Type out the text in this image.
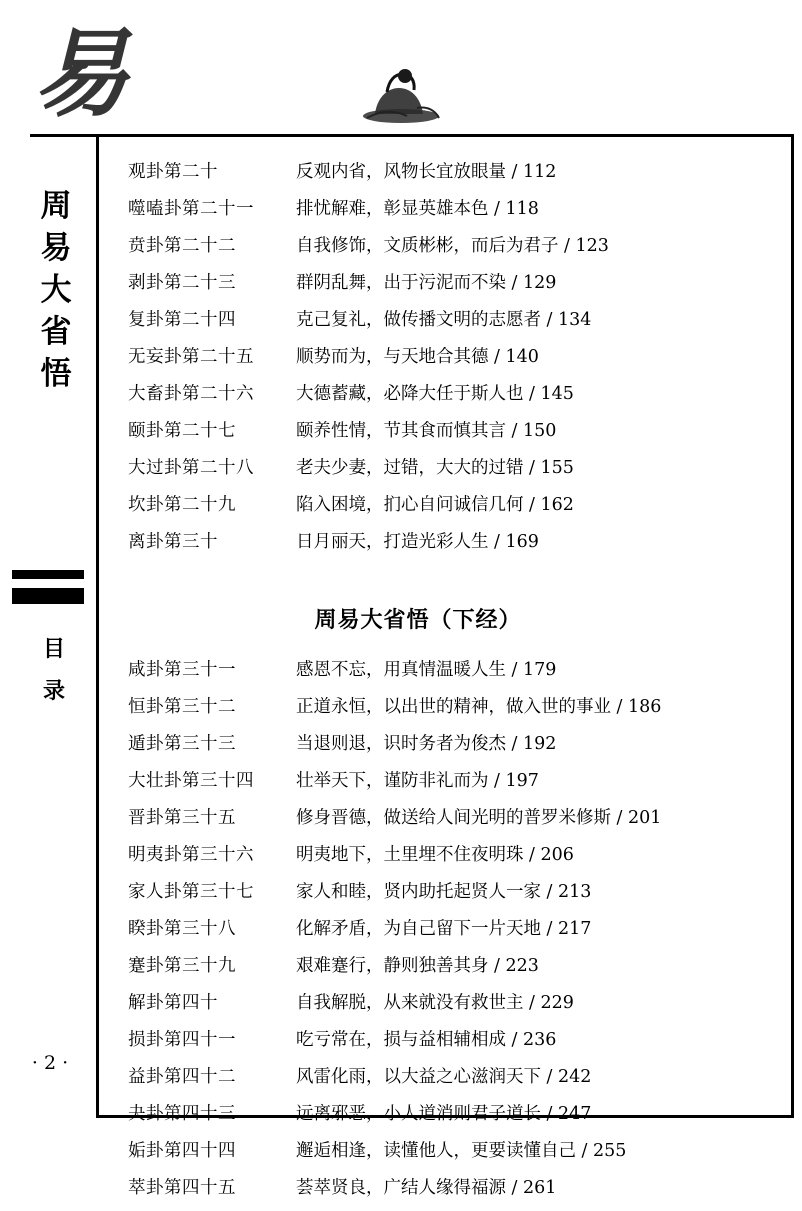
易
周
易
大
省
悟
目
录
· 2 ·
观卦第二十	反观内省，风物长宜放眼量 / 112
噬嗑卦第二十一	排忧解难，彰显英雄本色 / 118
贲卦第二十二	自我修饰，文质彬彬，而后为君子 / 123
剥卦第二十三	群阴乱舞，出于污泥而不染 / 129
复卦第二十四	克己复礼，做传播文明的志愿者 / 134
无妄卦第二十五	顺势而为，与天地合其德 / 140
大畜卦第二十六	大德蓄藏，必降大任于斯人也 / 145
颐卦第二十七	颐养性情，节其食而慎其言 / 150
大过卦第二十八	老夫少妻，过错，大大的过错 / 155
坎卦第二十九	陷入困境，扪心自问诚信几何 / 162
离卦第三十	日月丽天，打造光彩人生 / 169
周易大省悟（下经）
咸卦第三十一	感恩不忘，用真情温暖人生 / 179
恒卦第三十二	正道永恒，以出世的精神，做入世的事业 / 186
遁卦第三十三	当退则退，识时务者为俊杰 / 192
大壮卦第三十四	壮举天下，谨防非礼而为 / 197
晋卦第三十五	修身晋德，做送给人间光明的普罗米修斯 / 201
明夷卦第三十六	明夷地下，土里埋不住夜明珠 / 206
家人卦第三十七	家人和睦，贤内助托起贤人一家 / 213
睽卦第三十八	化解矛盾，为自己留下一片天地 / 217
蹇卦第三十九	艰难蹇行，静则独善其身 / 223
解卦第四十	自我解脱，从来就没有救世主 / 229
损卦第四十一	吃亏常在，损与益相辅相成 / 236
益卦第四十二	风雷化雨，以大益之心滋润天下 / 242
夬卦第四十三	远离邪恶，小人道消则君子道长 / 247
姤卦第四十四	邂逅相逢，读懂他人，更要读懂自己 / 255
萃卦第四十五	荟萃贤良，广结人缘得福源 / 261
